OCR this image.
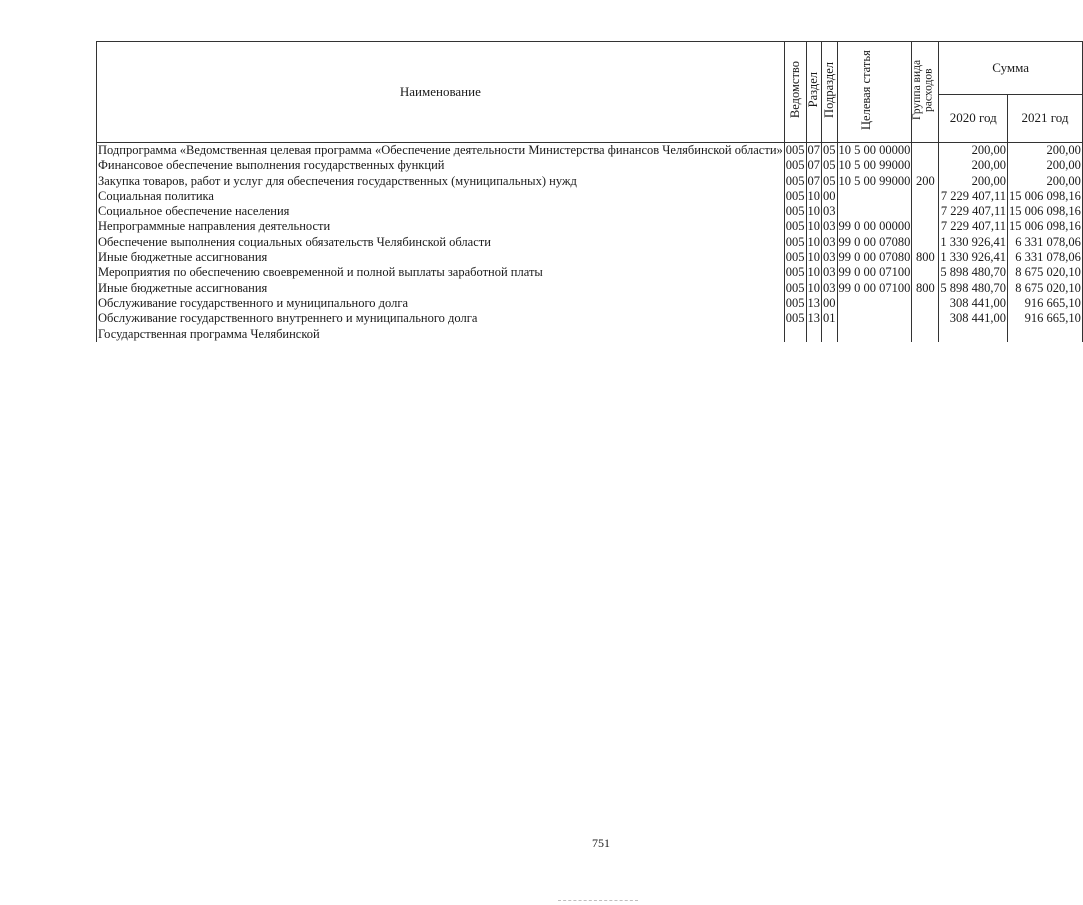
Наименование	Ведомство	Раздел	Подраздел	Целевая статья	Группа вида расходов	Сумма	
						2020 год	2021 год
Подпрограмма «Ведомственная целевая программа «Обеспечение деятельности Министерства финансов Челябинской области»	005	07	05	10 5 00 00000		200,00	200,00
Финансовое обеспечение выполнения государственных функций	005	07	05	10 5 00 99000		200,00	200,00
Закупка товаров, работ и услуг для обеспечения государственных (муниципальных) нужд	005	07	05	10 5 00 99000	200	200,00	200,00
Социальная политика	005	10	00			7 229 407,11	15 006 098,16
Социальное обеспечение населения	005	10	03			7 229 407,11	15 006 098,16
Непрограммные направления деятельности	005	10	03	99 0 00 00000		7 229 407,11	15 006 098,16
Обеспечение выполнения социальных обязательств Челябинской области	005	10	03	99 0 00 07080		1 330 926,41	6 331 078,06
Иные бюджетные ассигнования	005	10	03	99 0 00 07080	800	1 330 926,41	6 331 078,06
Мероприятия по обеспечению своевременной и полной выплаты заработной платы	005	10	03	99 0 00 07100		5 898 480,70	8 675 020,10
Иные бюджетные ассигнования	005	10	03	99 0 00 07100	800	5 898 480,70	8 675 020,10
Обслуживание государственного и муниципального долга	005	13	00			308 441,00	916 665,10
Обслуживание государственного внутреннего и муниципального долга	005	13	01			308 441,00	916 665,10
Государственная программа Челябинской							
751
